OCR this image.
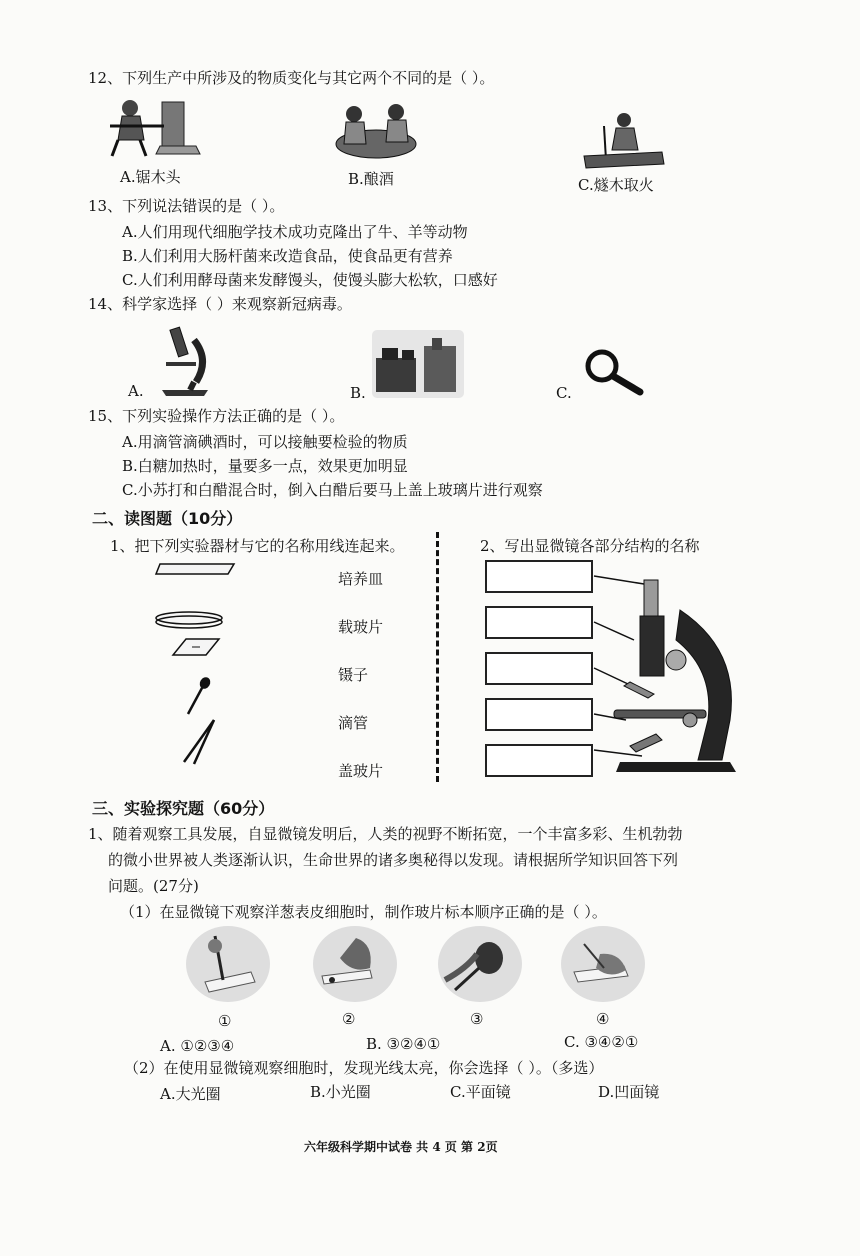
12、下列生产中所涉及的物质变化与其它两个不同的是（ ）。
A.锯木头	B.酿酒	C.燧木取火
13、下列说法错误的是（ ）。
A.人们用现代细胞学技术成功克隆出了牛、羊等动物
B.人们利用大肠杆菌来改造食品，使食品更有营养
C.人们利用酵母菌来发酵馒头，使馒头膨大松软，口感好
14、科学家选择（ ）来观察新冠病毒。
A.	B.	C.
15、下列实验操作方法正确的是（ ）。
A.用滴管滴碘酒时，可以接触要检验的物质
B.白糖加热时，量要多一点，效果更加明显
C.小苏打和白醋混合时，倒入白醋后要马上盖上玻璃片进行观察
二、读图题（10分）
1、把下列实验器材与它的名称用线连起来。	2、写出显微镜各部分结构的名称
培养皿
载玻片
镊子
滴管
盖玻片
三、实验探究题（60分）
1、随着观察工具发展，自显微镜发明后，人类的视野不断拓宽，一个丰富多彩、生机勃勃
的微小世界被人类逐渐认识，生命世界的诸多奥秘得以发现。请根据所学知识回答下列
问题。(27分)
（1）在显微镜下观察洋葱表皮细胞时，制作玻片标本顺序正确的是（ ）。
①	②	③	④
A. ①②③④	B. ③②④①	C. ③④②①
（2）在使用显微镜观察细胞时，发现光线太亮，你会选择（ ）。（多选）
A.大光圈	B.小光圈	C.平面镜	D.凹面镜
六年级科学期中试卷 共 4 页 第 2页
